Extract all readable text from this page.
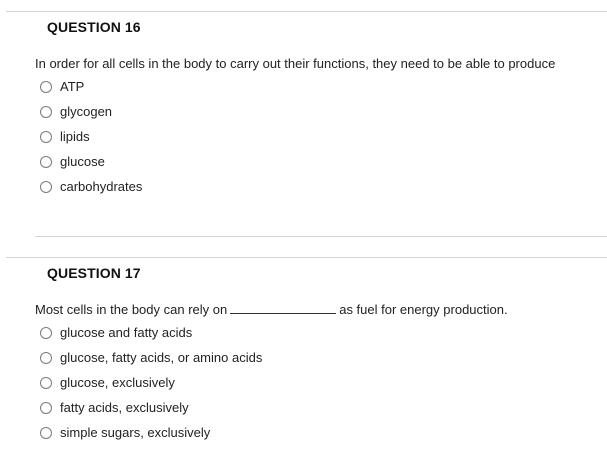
QUESTION 16
In order for all cells in the body to carry out their functions, they need to be able to produce
ATP
glycogen
lipids
glucose
carbohydrates
QUESTION 17
Most cells in the body can rely on	as fuel for energy production.
glucose and fatty acids
glucose, fatty acids, or amino acids
glucose, exclusively
fatty acids, exclusively
simple sugars, exclusively
